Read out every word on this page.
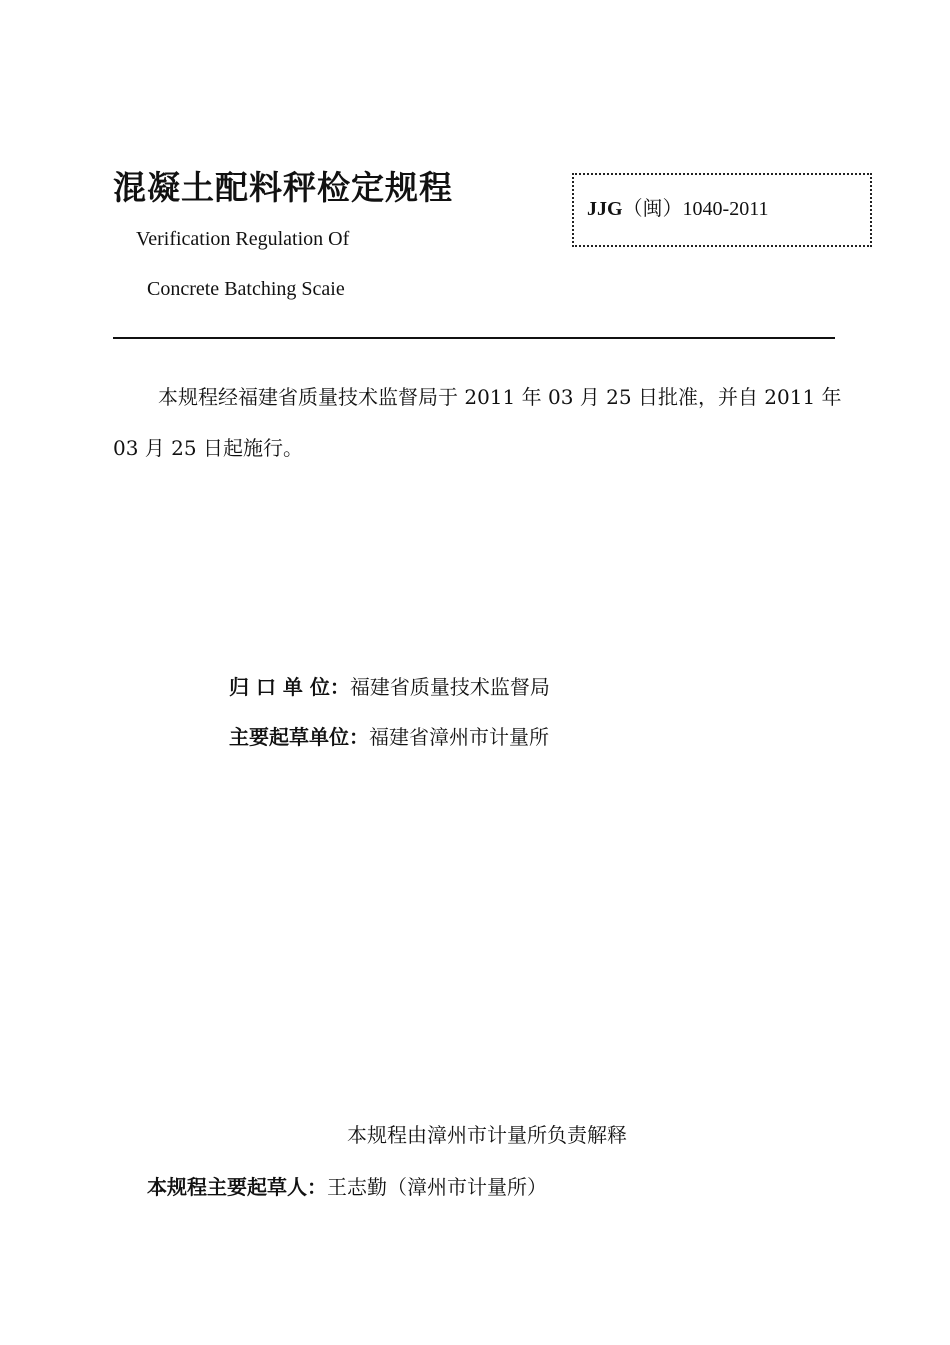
混凝土配料秤检定规程
Verification Regulation Of
Concrete Batching Scaie
JJG（闽）1040-2011
本规程经福建省质量技术监督局于 2011 年 03 月 25 日批准，并自 2011 年 03 月 25 日起施行。
归 口 单 位：福建省质量技术监督局
主要起草单位：福建省漳州市计量所
本规程由漳州市计量所负责解释
本规程主要起草人：王志勤（漳州市计量所）
